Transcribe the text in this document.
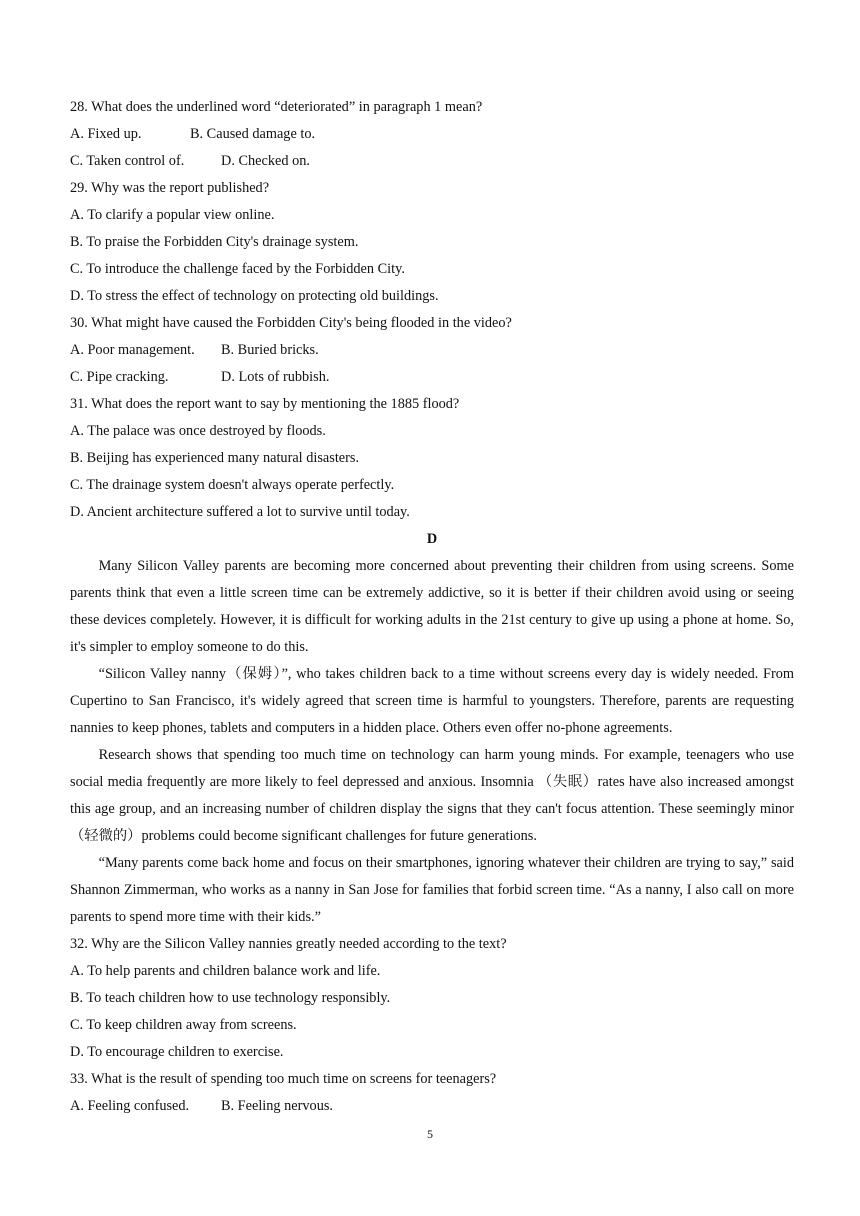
28. What does the underlined word “deteriorated” in paragraph 1 mean?
A. Fixed up.	B. Caused damage to.
C. Taken control of.	D. Checked on.
29. Why was the report published?
A. To clarify a popular view online.
B. To praise the Forbidden City's drainage system.
C. To introduce the challenge faced by the Forbidden City.
D. To stress the effect of technology on protecting old buildings.
30. What might have caused the Forbidden City's being flooded in the video?
A. Poor management. B. Buried bricks.
C. Pipe cracking.	D. Lots of rubbish.
31. What does the report want to say by mentioning the 1885 flood?
A. The palace was once destroyed by floods.
B. Beijing has experienced many natural disasters.
C. The drainage system doesn't always operate perfectly.
D. Ancient architecture suffered a lot to survive until today.
D
Many Silicon Valley parents are becoming more concerned about preventing their children from using screens. Some parents think that even a little screen time can be extremely addictive, so it is better if their children avoid using or seeing these devices completely. However, it is difficult for working adults in the 21st century to give up using a phone at home. So, it's simpler to employ someone to do this.
“Silicon Valley nanny（保姆）”, who takes children back to a time without screens every day is widely needed. From Cupertino to San Francisco, it's widely agreed that screen time is harmful to youngsters. Therefore, parents are requesting nannies to keep phones, tablets and computers in a hidden place. Others even offer no-phone agreements.
Research shows that spending too much time on technology can harm young minds. For example, teenagers who use social media frequently are more likely to feel depressed and anxious. Insomnia （失眠）rates have also increased amongst this age group, and an increasing number of children display the signs that they can't focus attention. These seemingly minor（轻微的）problems could become significant challenges for future generations.
“Many parents come back home and focus on their smartphones, ignoring whatever their children are trying to say,” said Shannon Zimmerman, who works as a nanny in San Jose for families that forbid screen time. “As a nanny, I also call on more parents to spend more time with their kids.”
32. Why are the Silicon Valley nannies greatly needed according to the text?
A. To help parents and children balance work and life.
B. To teach children how to use technology responsibly.
C. To keep children away from screens.
D. To encourage children to exercise.
33. What is the result of spending too much time on screens for teenagers?
A. Feeling confused. B. Feeling nervous.
5
